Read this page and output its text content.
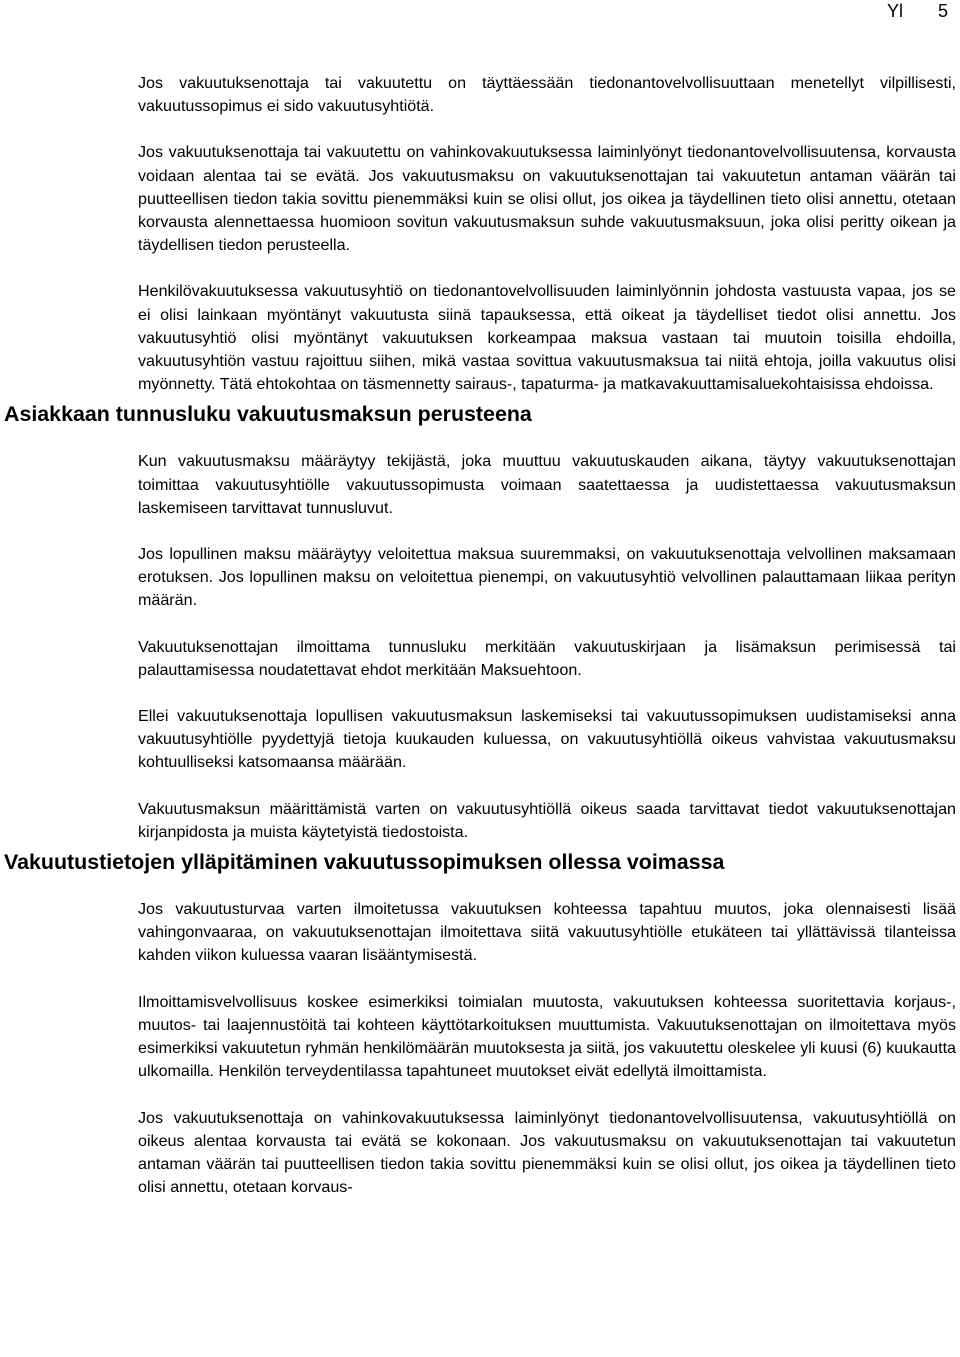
Yl 5

Jos vakuutuksenottaja tai vakuutettu on täyttäessään tiedonantovelvollisuuttaan menetellyt vilpillisesti, vakuutussopimus ei sido vakuutusyhtiötä.

Jos vakuutuksenottaja tai vakuutettu on vahinkovakuutuksessa laiminlyönyt tiedonantovelvollisuutensa, korvausta voidaan alentaa tai se evätä. Jos vakuutusmaksu on vakuutuksenottajan tai vakuutetun antaman väärän tai puutteellisen tiedon takia sovittu pienemmäksi kuin se olisi ollut, jos oikea ja täydellinen tieto olisi annettu, otetaan korvausta alennettaessa huomioon sovitun vakuutusmaksun suhde vakuutusmaksuun, joka olisi peritty oikean ja täydellisen tiedon perusteella.

Henkilövakuutuksessa vakuutusyhtiö on tiedonantovelvollisuuden laiminlyönnin johdosta vastuusta vapaa, jos se ei olisi lainkaan myöntänyt vakuutusta siinä tapauksessa, että oikeat ja täydelliset tiedot olisi annettu. Jos vakuutusyhtiö olisi myöntänyt vakuutuksen korkeampaa maksua vastaan tai muutoin toisilla ehdoilla, vakuutusyhtiön vastuu rajoittuu siihen, mikä vastaa sovittua vakuutusmaksua tai niitä ehtoja, joilla vakuutus olisi myönnetty. Tätä ehtokohtaa on täsmennetty sairaus-, tapaturma- ja matkavakuuttamisaluekohtaisissa ehdoissa.

Asiakkaan tunnusluku vakuutusmaksun perusteena

Kun vakuutusmaksu määräytyy tekijästä, joka muuttuu vakuutuskauden aikana, täytyy vakuutuksenottajan toimittaa vakuutusyhtiölle vakuutussopimusta voimaan saatettaessa ja uudistettaessa vakuutusmaksun laskemiseen tarvittavat tunnusluvut.

Jos lopullinen maksu määräytyy veloitettua maksua suuremmaksi, on vakuutuksenottaja velvollinen maksamaan erotuksen. Jos lopullinen maksu on veloitettua pienempi, on vakuutusyhtiö velvollinen palauttamaan liikaa perityn määrän.

Vakuutuksenottajan ilmoittama tunnusluku merkitään vakuutuskirjaan ja lisämaksun perimisessä tai palauttamisessa noudatettavat ehdot merkitään Maksuehtoon.

Ellei vakuutuksenottaja lopullisen vakuutusmaksun laskemiseksi tai vakuutussopimuksen uudistamiseksi anna vakuutusyhtiölle pyydettyjä tietoja kuukauden kuluessa, on vakuutusyhtiöllä oikeus vahvistaa vakuutusmaksu kohtuulliseksi katsomaansa määrään.

Vakuutusmaksun määrittämistä varten on vakuutusyhtiöllä oikeus saada tarvittavat tiedot vakuutuksenottajan kirjanpidosta ja muista käytetyistä tiedostoista.

Vakuutustietojen ylläpitäminen vakuutussopimuksen ollessa voimassa

Jos vakuutusturvaa varten ilmoitetussa vakuutuksen kohteessa tapahtuu muutos, joka olennaisesti lisää vahingonvaaraa, on vakuutuksenottajan ilmoitettava siitä vakuutusyhtiölle etukäteen tai yllättävissä tilanteissa kahden viikon kuluessa vaaran lisääntymisestä.

Ilmoittamisvelvollisuus koskee esimerkiksi toimialan muutosta, vakuutuksen kohteessa suoritettavia korjaus-, muutos- tai laajennustöitä tai kohteen käyttötarkoituksen muuttumista. Vakuutuksenottajan on ilmoitettava myös esimerkiksi vakuutetun ryhmän henkilömäärän muutoksesta ja siitä, jos vakuutettu oleskelee yli kuusi (6) kuukautta ulkomailla. Henkilön terveydentilassa tapahtuneet muutokset eivät edellytä ilmoittamista.

Jos vakuutuksenottaja on vahinkovakuutuksessa laiminlyönyt tiedonantovelvollisuutensa, vakuutusyhtiöllä on oikeus alentaa korvausta tai evätä se kokonaan. Jos vakuutusmaksu on vakuutuksenottajan tai vakuutetun antaman väärän tai puutteellisen tiedon takia sovittu pienemmäksi kuin se olisi ollut, jos oikea ja täydellinen tieto olisi annettu, otetaan korvaus-
